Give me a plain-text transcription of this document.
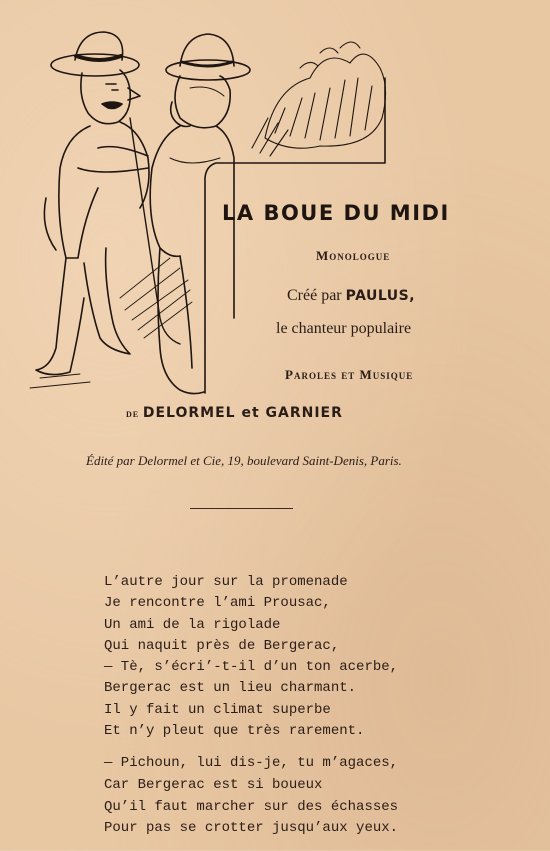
LA BOUE DU MIDI
Monologue
Créé par PAULUS,
le chanteur populaire
Paroles et Musique
de DELORMEL et GARNIER
Édité par Delormel et Cie, 19, boulevard Saint-Denis, Paris.
L’autre jour sur la promenade
Je rencontre l’ami Prousac,
Un ami de la rigolade
Qui naquit près de Bergerac,
— Tè, s’écri’-t-il d’un ton acerbe,
Bergerac est un lieu charmant.
Il y fait un climat superbe
Et n’y pleut que très rarement.
— Pichoun, lui dis-je, tu m’agaces,
Car Bergerac est si boueux
Qu’il faut marcher sur des échasses
Pour pas se crotter jusqu’aux yeux.
